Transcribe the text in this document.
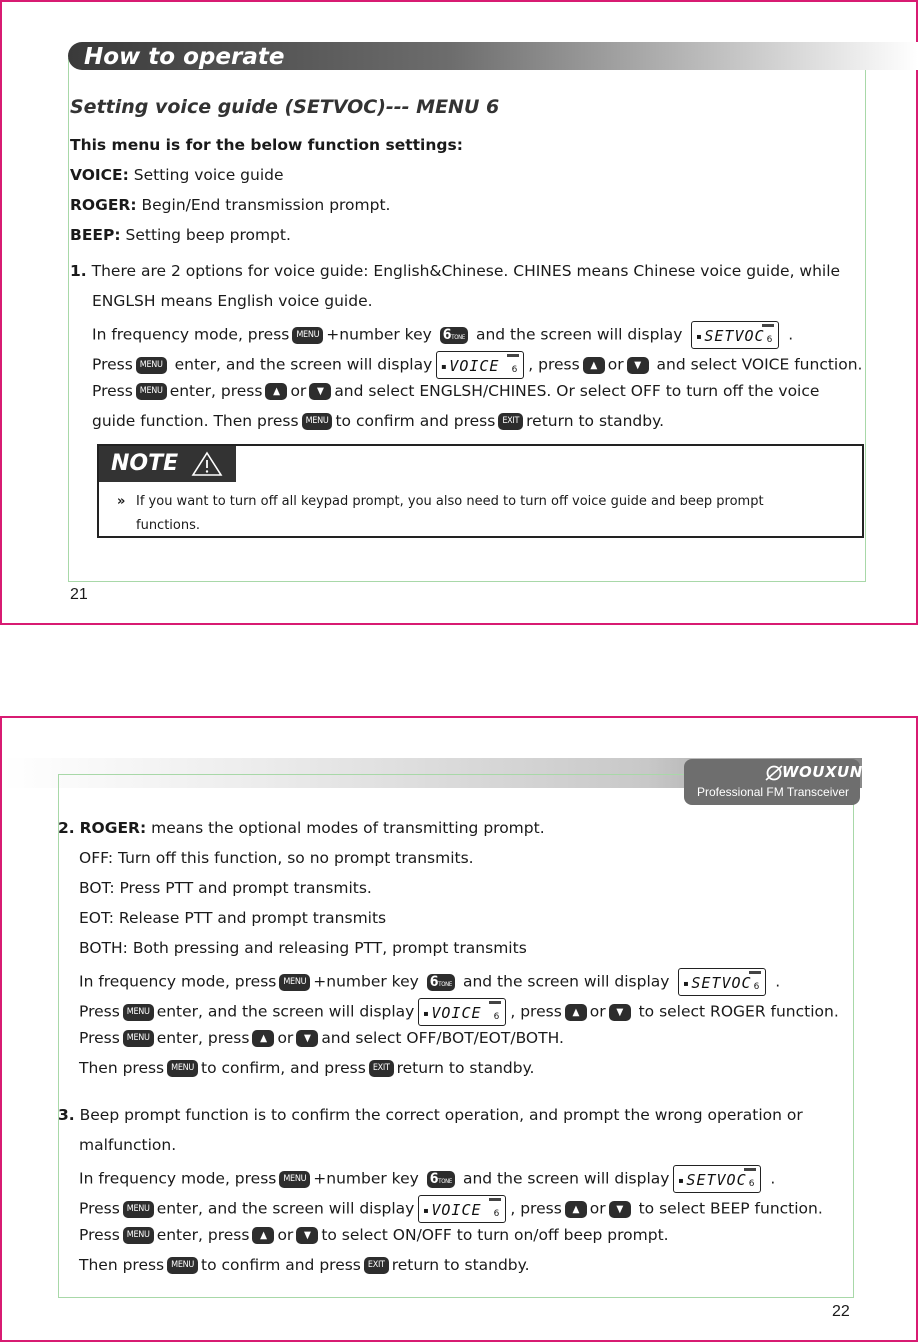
How to operate
Setting voice guide (SETVOC)--- MENU 6
This menu is for the below function settings:
VOICE: Setting voice guide
ROGER: Begin/End transmission prompt.
BEEP: Setting beep prompt.
1. There are 2 options for voice guide: English&Chinese. CHINES means Chinese voice guide, while
ENGLSH means English voice guide.
In frequency mode, press MENU +number key 6TONE and the screen will display ▪ SETVOC 6 .
Press MENU enter, and the screen will display ▪ VOICE 6 , press ▲ or ▼ and select VOICE function.
Press MENU enter, press ▲ or ▼ and select ENGLSH/CHINES. Or select OFF to turn off the voice
guide function. Then press MENU to confirm and press EXIT return to standby.
NOTE
» If you want to turn off all keypad prompt, you also need to turn off voice guide and beep prompt
functions.
21
WOUXUN
Professional FM Transceiver
2. ROGER: means the optional modes of transmitting prompt.
OFF: Turn off this function, so no prompt transmits.
BOT: Press PTT and prompt transmits.
EOT: Release PTT and prompt transmits
BOTH: Both pressing and releasing PTT, prompt transmits
In frequency mode, press MENU +number key 6TONE and the screen will display ▪ SETVOC 6 .
Press MENU enter, and the screen will display ▪ VOICE 6 , press ▲ or ▼ to select ROGER function.
Press MENU enter, press ▲ or ▼ and select OFF/BOT/EOT/BOTH.
Then press MENU to confirm, and press EXIT return to standby.
3. Beep prompt function is to confirm the correct operation, and prompt the wrong operation or
malfunction.
In frequency mode, press MENU +number key 6TONE and the screen will display ▪ SETVOC 6 .
Press MENU enter, and the screen will display ▪ VOICE 6 , press ▲ or ▼ to select BEEP function.
Press MENU enter, press ▲ or ▼ to select ON/OFF to turn on/off beep prompt.
Then press MENU to confirm and press EXIT return to standby.
22
